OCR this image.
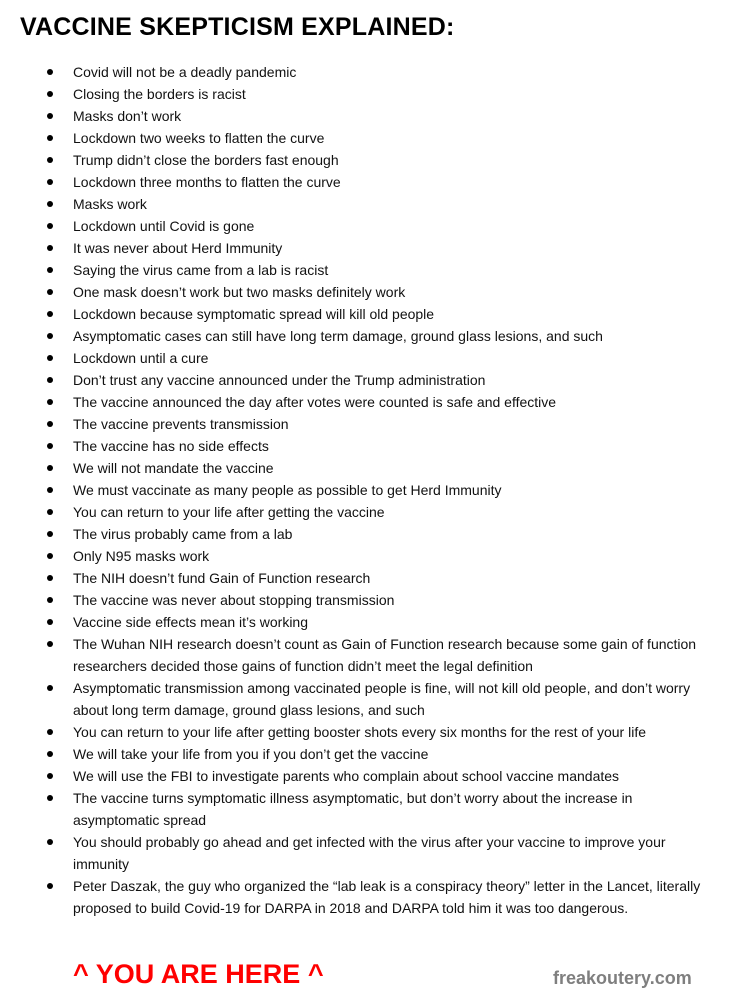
VACCINE SKEPTICISM EXPLAINED:
Covid will not be a deadly pandemic
Closing the borders is racist
Masks don’t work
Lockdown two weeks to flatten the curve
Trump didn’t close the borders fast enough
Lockdown three months to flatten the curve
Masks work
Lockdown until Covid is gone
It was never about Herd Immunity
Saying the virus came from a lab is racist
One mask doesn’t work but two masks definitely work
Lockdown because symptomatic spread will kill old people
Asymptomatic cases can still have long term damage, ground glass lesions, and such
Lockdown until a cure
Don’t trust any vaccine announced under the Trump administration
The vaccine announced the day after votes were counted is safe and effective
The vaccine prevents transmission
The vaccine has no side effects
We will not mandate the vaccine
We must vaccinate as many people as possible to get Herd Immunity
You can return to your life after getting the vaccine
The virus probably came from a lab
Only N95 masks work
The NIH doesn’t fund Gain of Function research
The vaccine was never about stopping transmission
Vaccine side effects mean it’s working
The Wuhan NIH research doesn’t count as Gain of Function research because some gain of function researchers decided those gains of function didn’t meet the legal definition
Asymptomatic transmission among vaccinated people is fine, will not kill old people, and don’t worry about long term damage, ground glass lesions, and such
You can return to your life after getting booster shots every six months for the rest of your life
We will take your life from you if you don’t get the vaccine
We will use the FBI to investigate parents who complain about school vaccine mandates
The vaccine turns symptomatic illness asymptomatic, but don’t worry about the increase in asymptomatic spread
You should probably go ahead and get infected with the virus after your vaccine to improve your immunity
Peter Daszak, the guy who organized the “lab leak is a conspiracy theory” letter in the Lancet, literally proposed to build Covid-19 for DARPA in 2018 and DARPA told him it was too dangerous.
^ YOU ARE HERE ^	freakoutery.com
